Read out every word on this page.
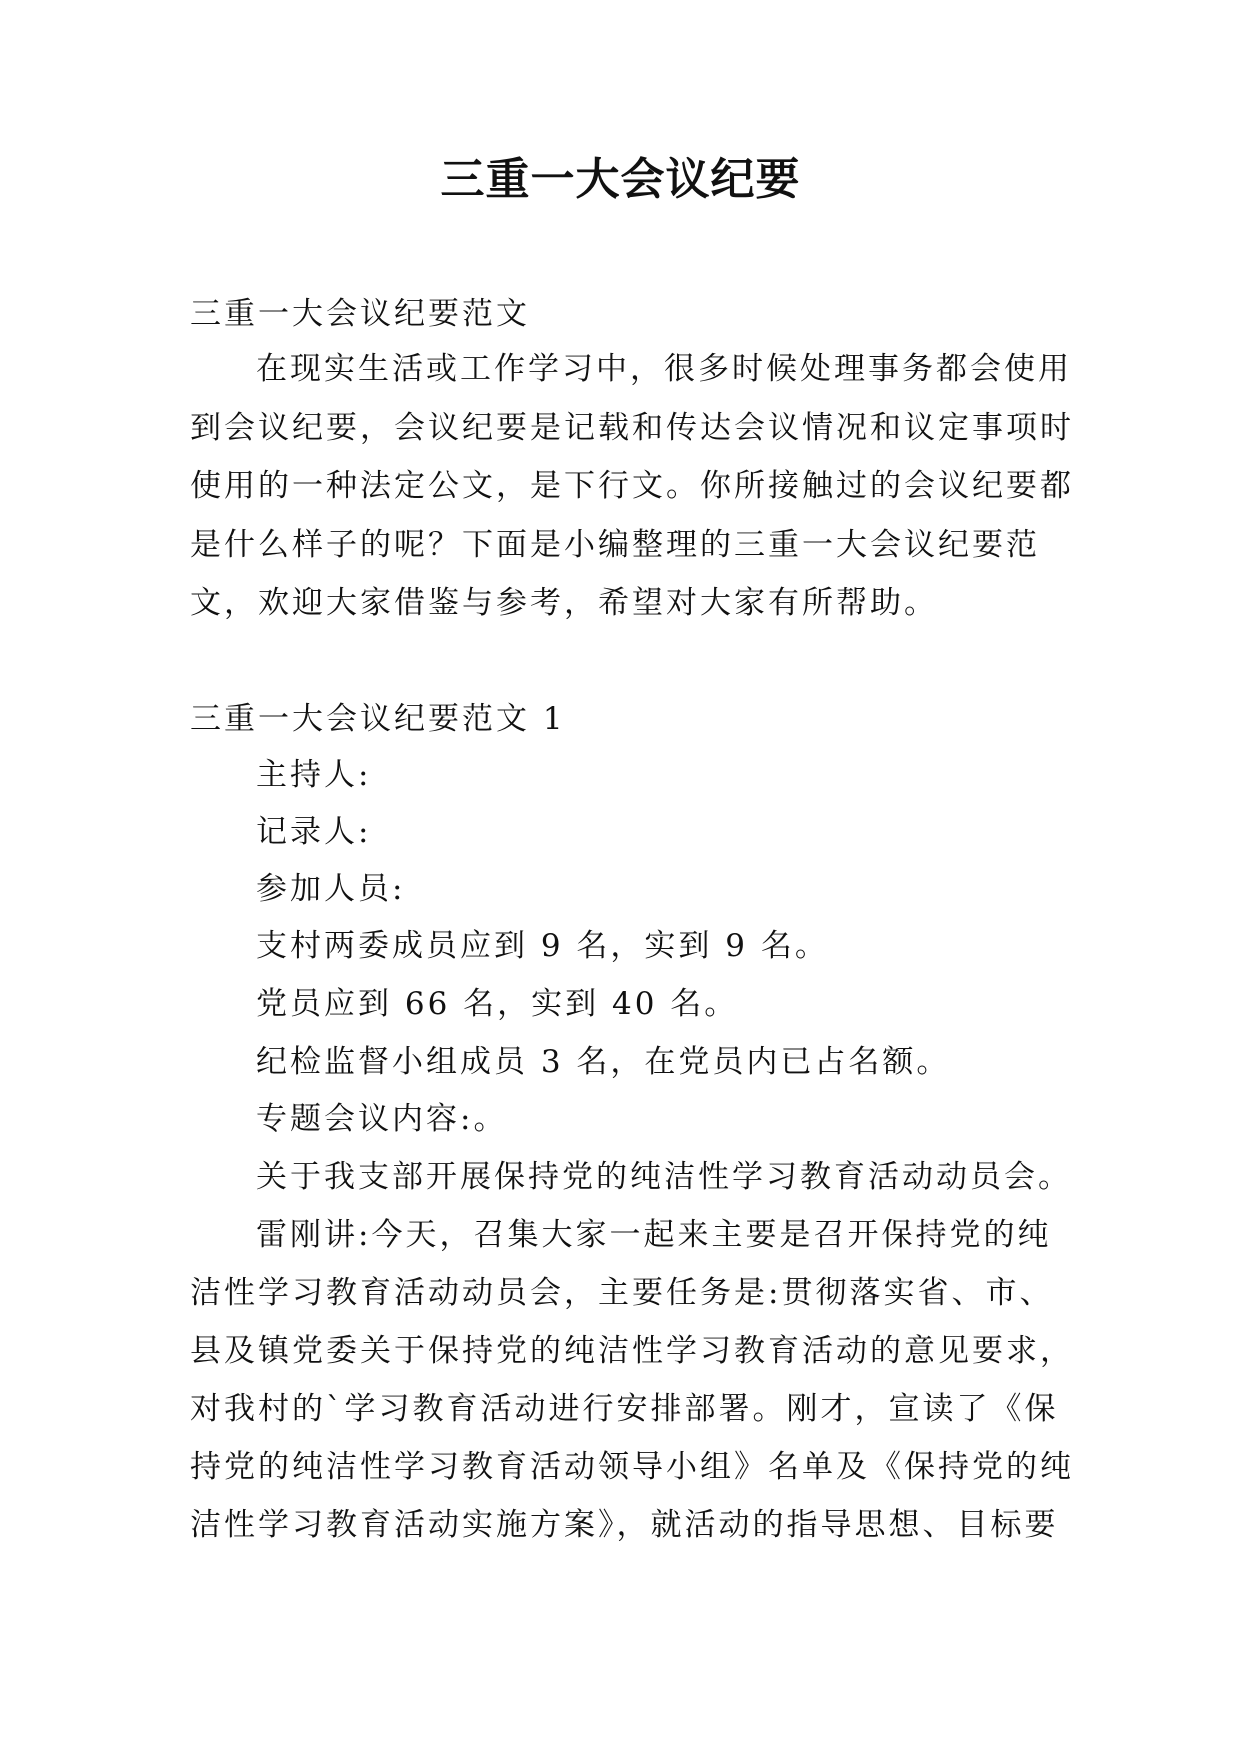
三重一大会议纪要
三重一大会议纪要范文
在现实生活或工作学习中，很多时候处理事务都会使用
到会议纪要，会议纪要是记载和传达会议情况和议定事项时
使用的一种法定公文，是下行文。你所接触过的会议纪要都
是什么样子的呢？下面是小编整理的三重一大会议纪要范
文，欢迎大家借鉴与参考，希望对大家有所帮助。
三重一大会议纪要范文 1
主持人:
记录人:
参加人员:
支村两委成员应到 9 名，实到 9 名。
党员应到 66 名，实到 40 名。
纪检监督小组成员 3 名，在党员内已占名额。
专题会议内容:。
关于我支部开展保持党的纯洁性学习教育活动动员会。
雷刚讲:今天，召集大家一起来主要是召开保持党的纯
洁性学习教育活动动员会，主要任务是:贯彻落实省、市、
县及镇党委关于保持党的纯洁性学习教育活动的意见要求，
对我村的`学习教育活动进行安排部署。刚才，宣读了《保
持党的纯洁性学习教育活动领导小组》名单及《保持党的纯
洁性学习教育活动实施方案》，就活动的指导思想、目标要
